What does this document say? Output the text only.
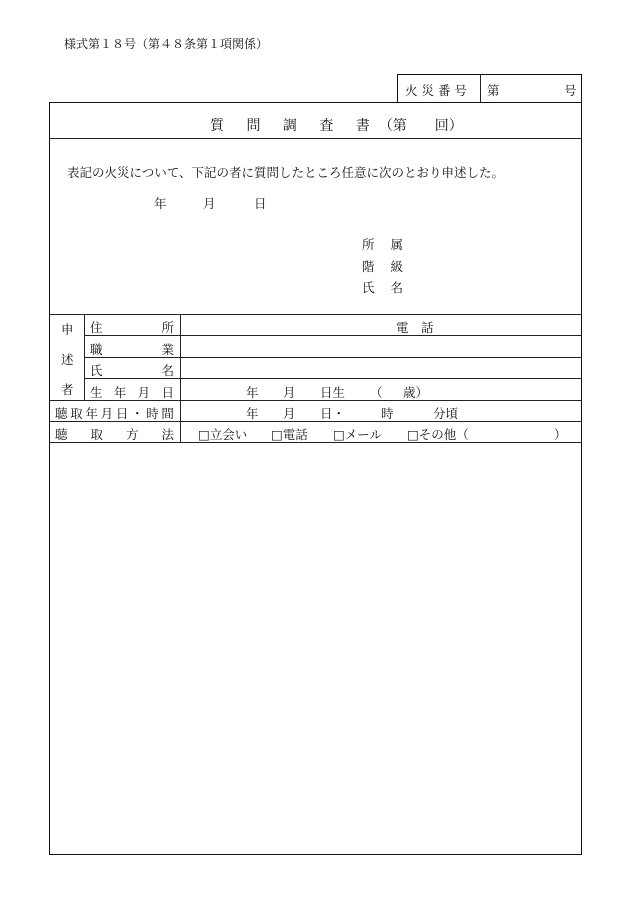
様式第１８号（第４８条第１項関係）
火 災 番 号 第	号
質 問 調 査 書（第　　回）
表記の火災について、下記の者に質問したところ任意に次のとおり申述した。
年	月	日
所 属
階 級
氏 名
申
述
者
住	所	電　話
職	業
氏	名
生 年 月 日	年 月 日生 （ 歳）
聴 取 年 月 日 ・ 時 間	年 月 日・	時	分頃
聴 取 方 法 □立会い □電話 □メール □その他（	）
